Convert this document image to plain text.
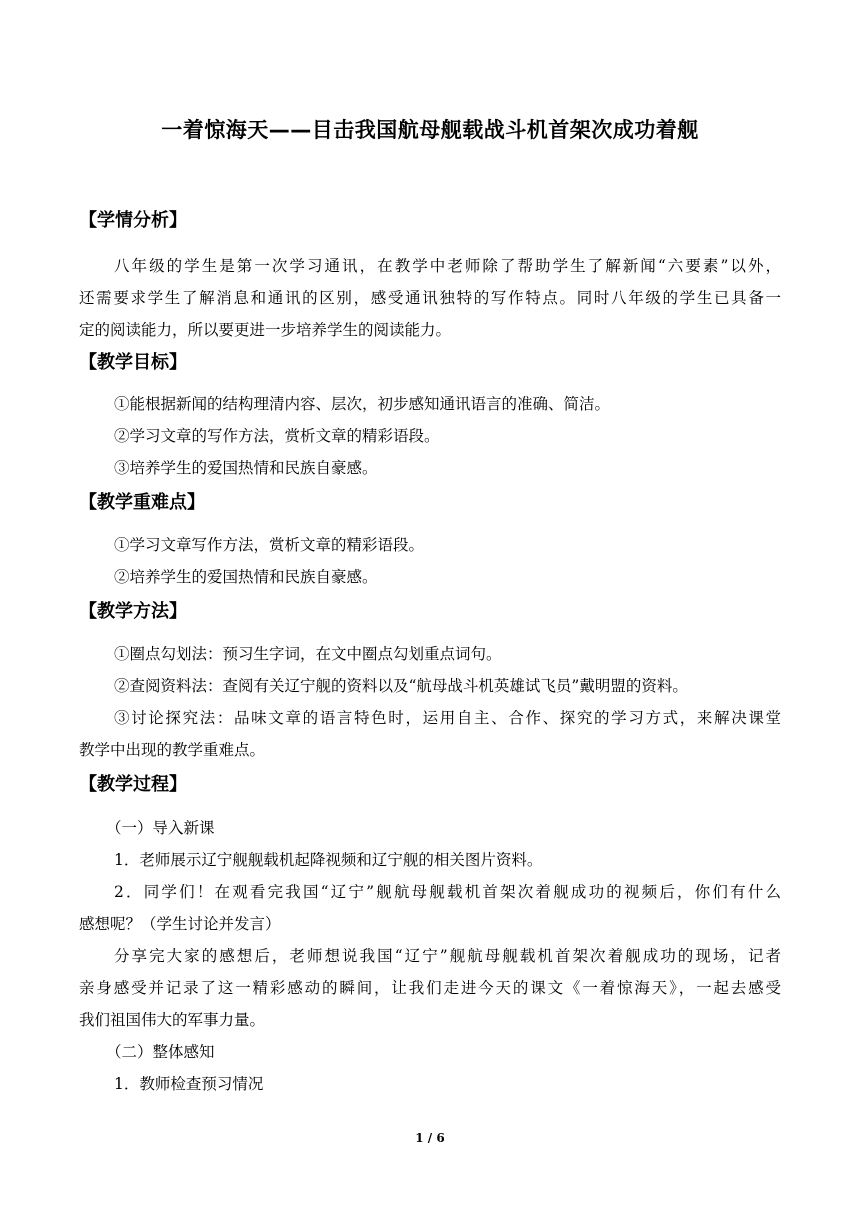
一着惊海天——目击我国航母舰载战斗机首架次成功着舰
【学情分析】
八年级的学生是第一次学习通讯，在教学中老师除了帮助学生了解新闻“六要素”以外，
还需要求学生了解消息和通讯的区别，感受通讯独特的写作特点。同时八年级的学生已具备一
定的阅读能力，所以要更进一步培养学生的阅读能力。
【教学目标】
①能根据新闻的结构理清内容、层次，初步感知通讯语言的准确、简洁。
②学习文章的写作方法，赏析文章的精彩语段。
③培养学生的爱国热情和民族自豪感。
【教学重难点】
①学习文章写作方法，赏析文章的精彩语段。
②培养学生的爱国热情和民族自豪感。
【教学方法】
①圈点勾划法：预习生字词，在文中圈点勾划重点词句。
②查阅资料法：查阅有关辽宁舰的资料以及“航母战斗机英雄试飞员”戴明盟的资料。
③讨论探究法：品味文章的语言特色时，运用自主、合作、探究的学习方式，来解决课堂
教学中出现的教学重难点。
【教学过程】
（一）导入新课
1．老师展示辽宁舰舰载机起降视频和辽宁舰的相关图片资料。
2．同学们！在观看完我国“辽宁”舰航母舰载机首架次着舰成功的视频后，你们有什么
感想呢？（学生讨论并发言）
分享完大家的感想后，老师想说我国“辽宁”舰航母舰载机首架次着舰成功的现场，记者
亲身感受并记录了这一精彩感动的瞬间，让我们走进今天的课文《一着惊海天》，一起去感受
我们祖国伟大的军事力量。
（二）整体感知
1．教师检查预习情况
1 / 6
